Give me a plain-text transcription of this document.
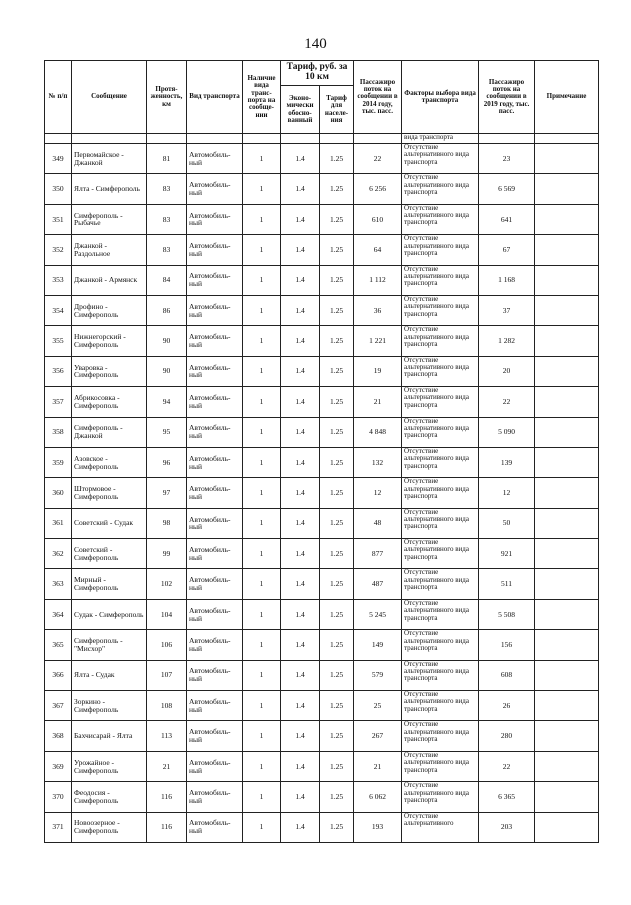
140
№ п/п	Сообщение	Протя-женность, км	Вид транспорта	Наличие вида транс-порта на сообще-нии	Тариф, руб. за 10 км		Пассажиро поток на сообщении в 2014 году, тыс. пасс.	Факторы выбора вида транспорта	Пассажиро поток на сообщении в 2019 году, тыс. пасс.	Примечание
					Эконо-мически обосно-ванный	Тариф для населе-ния				
								вида транспорта		
349	Первомайское - Джанкой	81	Автомобиль-ный	1	1.4	1.25	22	Отсутствие альтернативного вида транспорта	23	
350	Ялта - Симферополь	83	Автомобиль-ный	1	1.4	1.25	6 256	Отсутствие альтернативного вида транспорта	6 569	
351	Симферополь - Рыбачье	83	Автомобиль-ный	1	1.4	1.25	610	Отсутствие альтернативного вида транспорта	641	
352	Джанкой - Раздольное	83	Автомобиль-ный	1	1.4	1.25	64	Отсутствие альтернативного вида транспорта	67	
353	Джанкой - Армянск	84	Автомобиль-ный	1	1.4	1.25	1 112	Отсутствие альтернативного вида транспорта	1 168	
354	Дрофино - Симферополь	86	Автомобиль-ный	1	1.4	1.25	36	Отсутствие альтернативного вида транспорта	37	
355	Нижнегорский - Симферополь	90	Автомобиль-ный	1	1.4	1.25	1 221	Отсутствие альтернативного вида транспорта	1 282	
356	Уваровка - Симферополь	90	Автомобиль-ный	1	1.4	1.25	19	Отсутствие альтернативного вида транспорта	20	
357	Абрикосовка - Симферополь	94	Автомобиль-ный	1	1.4	1.25	21	Отсутствие альтернативного вида транспорта	22	
358	Симферополь - Джанкой	95	Автомобиль-ный	1	1.4	1.25	4 848	Отсутствие альтернативного вида транспорта	5 090	
359	Азовское - Симферополь	96	Автомобиль-ный	1	1.4	1.25	132	Отсутствие альтернативного вида транспорта	139	
360	Штормовое - Симферополь	97	Автомобиль-ный	1	1.4	1.25	12	Отсутствие альтернативного вида транспорта	12	
361	Советский - Судак	98	Автомобиль-ный	1	1.4	1.25	48	Отсутствие альтернативного вида транспорта	50	
362	Советский - Симферополь	99	Автомобиль-ный	1	1.4	1.25	877	Отсутствие альтернативного вида транспорта	921	
363	Мирный - Симферополь	102	Автомобиль-ный	1	1.4	1.25	487	Отсутствие альтернативного вида транспорта	511	
364	Судак - Симферополь	104	Автомобиль-ный	1	1.4	1.25	5 245	Отсутствие альтернативного вида транспорта	5 508	
365	Симферополь - "Мисхор"	106	Автомобиль-ный	1	1.4	1.25	149	Отсутствие альтернативного вида транспорта	156	
366	Ялта - Судак	107	Автомобиль-ный	1	1.4	1.25	579	Отсутствие альтернативного вида транспорта	608	
367	Зоркино - Симферополь	108	Автомобиль-ный	1	1.4	1.25	25	Отсутствие альтернативного вида транспорта	26	
368	Бахчисарай - Ялта	113	Автомобиль-ный	1	1.4	1.25	267	Отсутствие альтернативного вида транспорта	280	
369	Урожайное - Симферополь	21	Автомобиль-ный	1	1.4	1.25	21	Отсутствие альтернативного вида транспорта	22	
370	Феодосия - Симферополь	116	Автомобиль-ный	1	1.4	1.25	6 062	Отсутствие альтернативного вида транспорта	6 365	
371	Новоозерное - Симферополь	116	Автомобиль-ный	1	1.4	1.25	193	Отсутствие альтернативного	203	
